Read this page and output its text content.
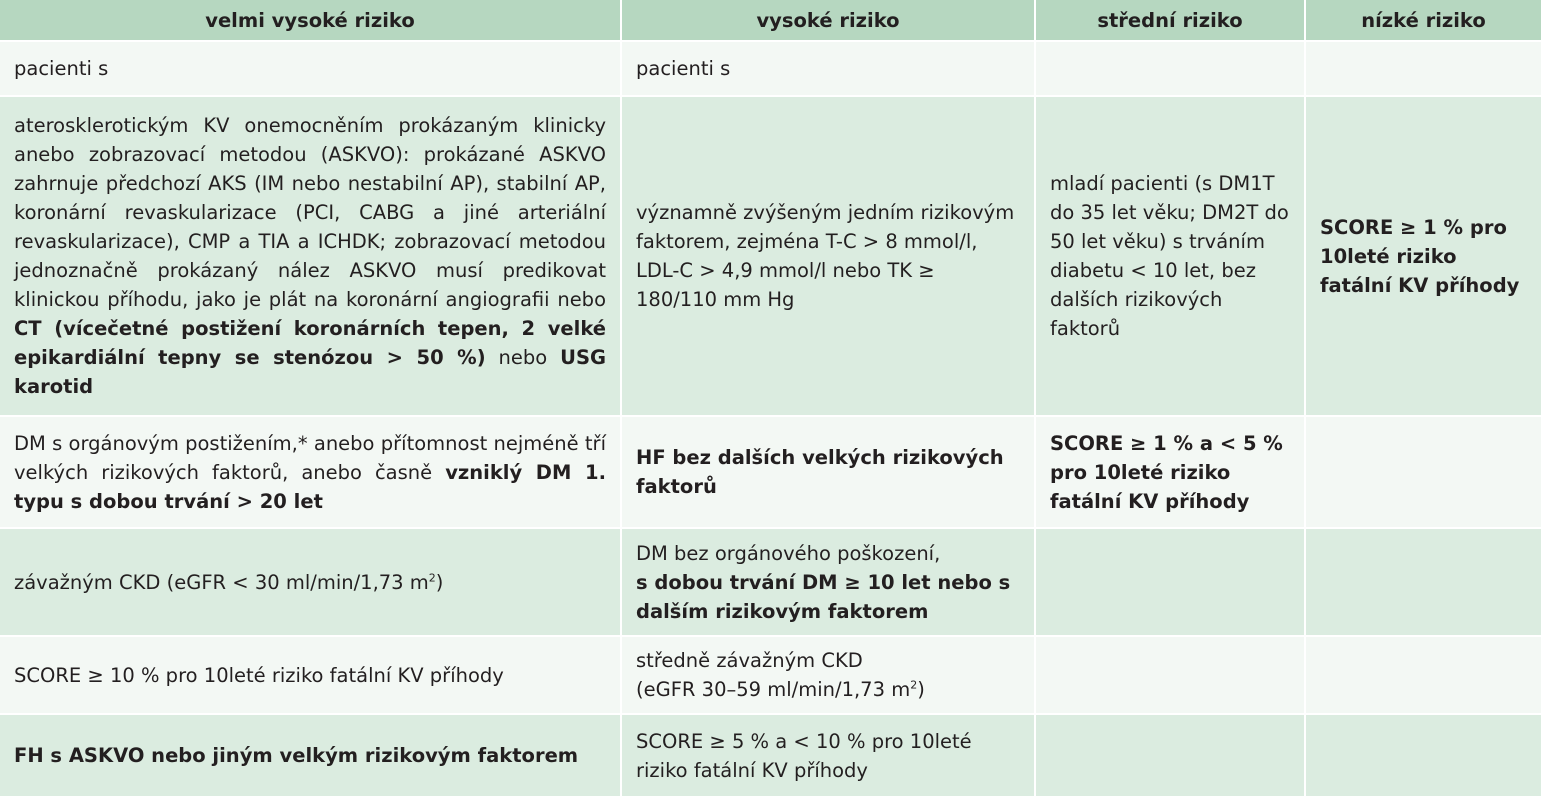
velmi vysoké riziko	vysoké riziko	střední riziko	nízké riziko
pacienti s	pacienti s		
aterosklerotickým KV onemocněním prokázaným klinicky anebo zobrazovací metodou (ASKVO): prokázané ASKVO zahrnuje předchozí AKS (IM nebo nestabilní AP), stabilní AP, koronární revaskularizace (PCI, CABG a jiné arteriální revaskularizace), CMP a TIA a ICHDK; zobrazovací metodou jednoznačně prokázaný nález ASKVO musí predikovat klinickou příhodu, jako je plát na koronární angiografii nebo CT (vícečetné postižení koronárních tepen, 2 velké epikardiální tepny se stenózou > 50 %) nebo USG karotid	významně zvýšeným jedním rizikovým faktorem, zejména T-C > 8 mmol/l, LDL-C > 4,9 mmol/l nebo TK ≥ 180/110 mm Hg	mladí pacienti (s DM1T do 35 let věku; DM2T do 50 let věku) s trváním diabetu < 10 let, bez dalších rizikových faktorů	SCORE ≥ 1 % pro 10leté riziko fatální KV příhody
DM s orgánovým postižením,* anebo přítomnost nejméně tří velkých rizikových faktorů, anebo časně vzniklý DM 1. typu s dobou trvání > 20 let	HF bez dalších velkých rizikových faktorů	SCORE ≥ 1 % a < 5 % pro 10leté riziko fatální KV příhody	
závažným CKD (eGFR < 30 ml/min/1,73 $m^2$)	DM bez orgánového poškození,
s dobou trvání DM ≥ 10 let nebo s dalším rizikovým faktorem		
SCORE ≥ 10 % pro 10leté riziko fatální KV příhody	středně závažným CKD
(eGFR 30–59 ml/min/1,73 $m^2$)		
FH s ASKVO nebo jiným velkým rizikovým faktorem	SCORE ≥ 5 % a < 10 % pro 10leté riziko fatální KV příhody		
